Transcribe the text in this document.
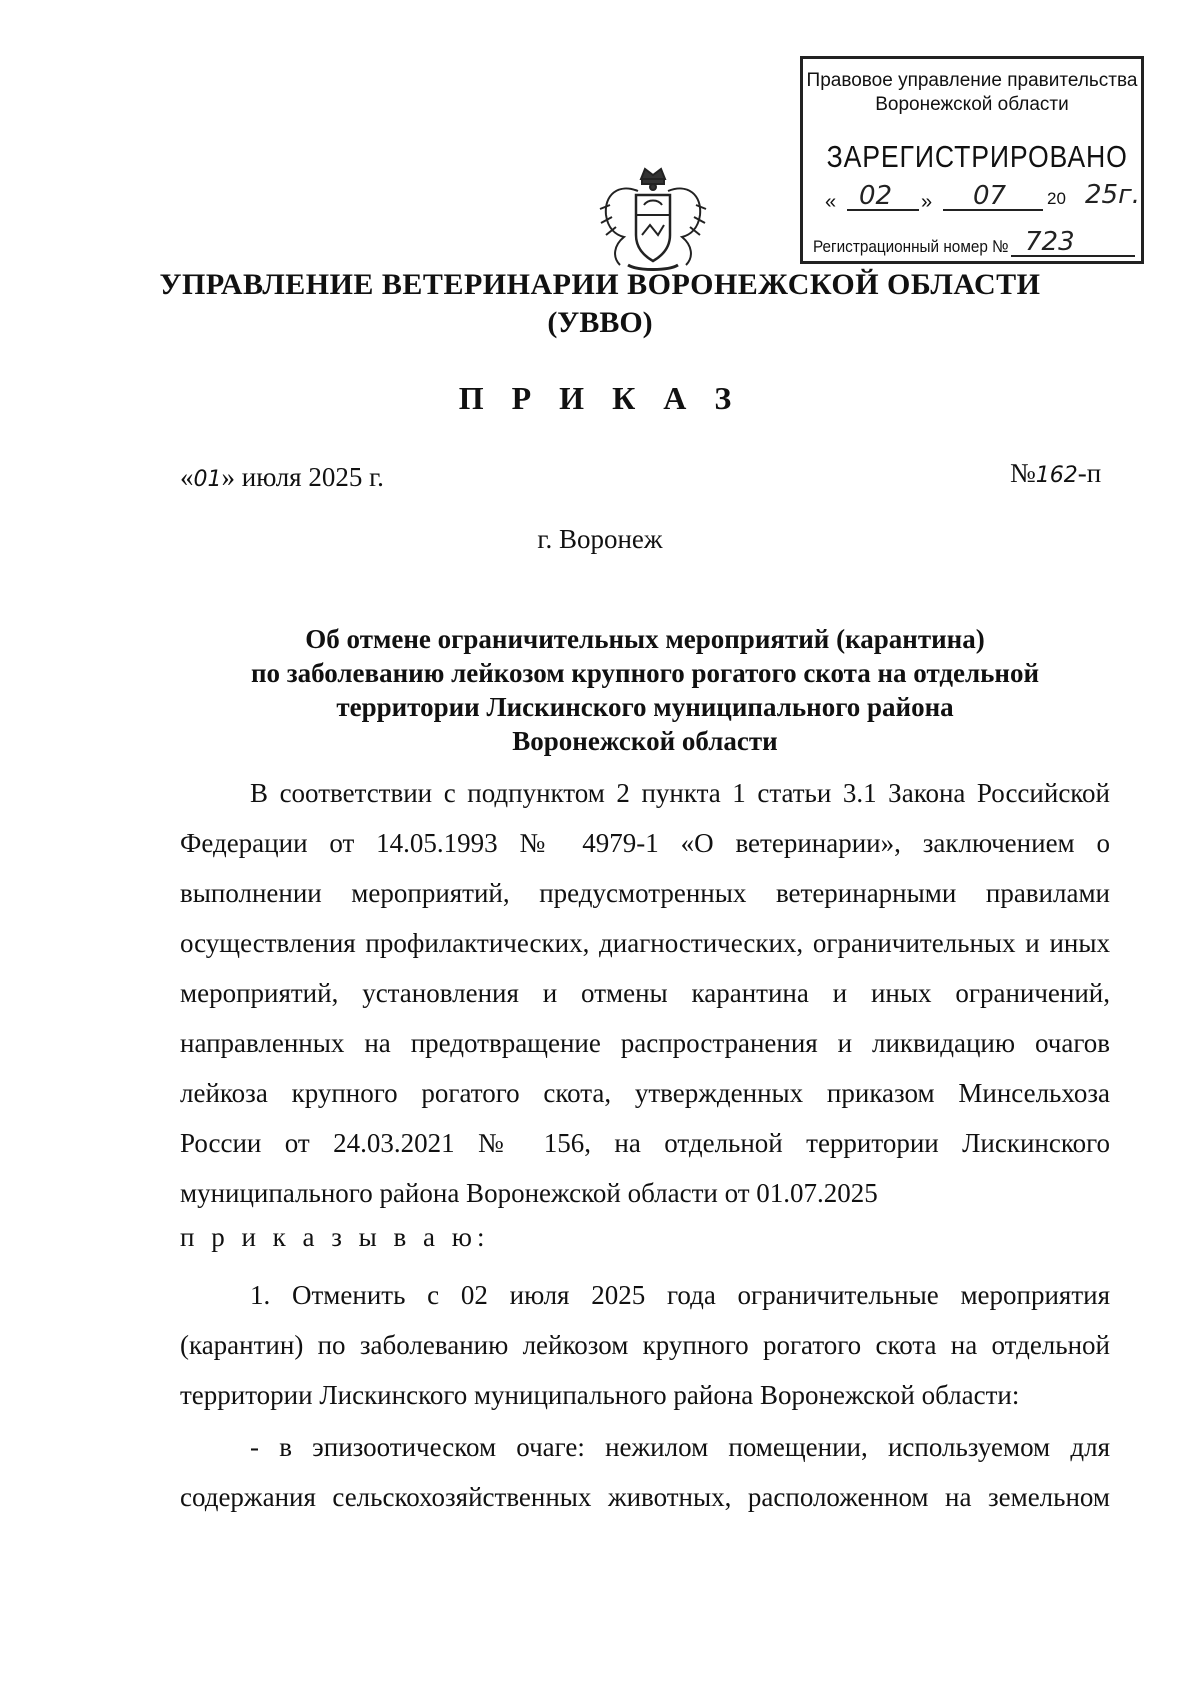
Правовое управление правительства
Воронежской области
ЗАРЕГИСТРИРОВАНО
« 02 » 07 20 25г.
Регистрационный номер № 723
УПРАВЛЕНИЕ ВЕТЕРИНАРИИ ВОРОНЕЖСКОЙ ОБЛАСТИ
(УВВО)
П Р И К А З
«01» июля 2025 г.	№162-п
г. Воронеж
Об отмене ограничительных мероприятий (карантина)
по заболеванию лейкозом крупного рогатого скота на отдельной
территории Лискинского муниципального района
Воронежской области
В соответствии с подпунктом 2 пункта 1 статьи 3.1 Закона Российской
Федерации от 14.05.1993 № 4979-1 «О ветеринарии», заключением о
выполнении мероприятий, предусмотренных ветеринарными правилами
осуществления профилактических, диагностических, ограничительных и иных
мероприятий, установления и отмены карантина и иных ограничений,
направленных на предотвращение распространения и ликвидацию очагов
лейкоза крупного рогатого скота, утвержденных приказом Минсельхоза
России от 24.03.2021 № 156, на отдельной территории Лискинского
муниципального района Воронежской области от 01.07.2025
п р и к а з ы в а ю:
1. Отменить с 02 июля 2025 года ограничительные мероприятия
(карантин) по заболеванию лейкозом крупного рогатого скота на отдельной
территории Лискинского муниципального района Воронежской области:
- в эпизоотическом очаге: нежилом помещении, используемом для
содержания сельскохозяйственных животных, расположенном на земельном
